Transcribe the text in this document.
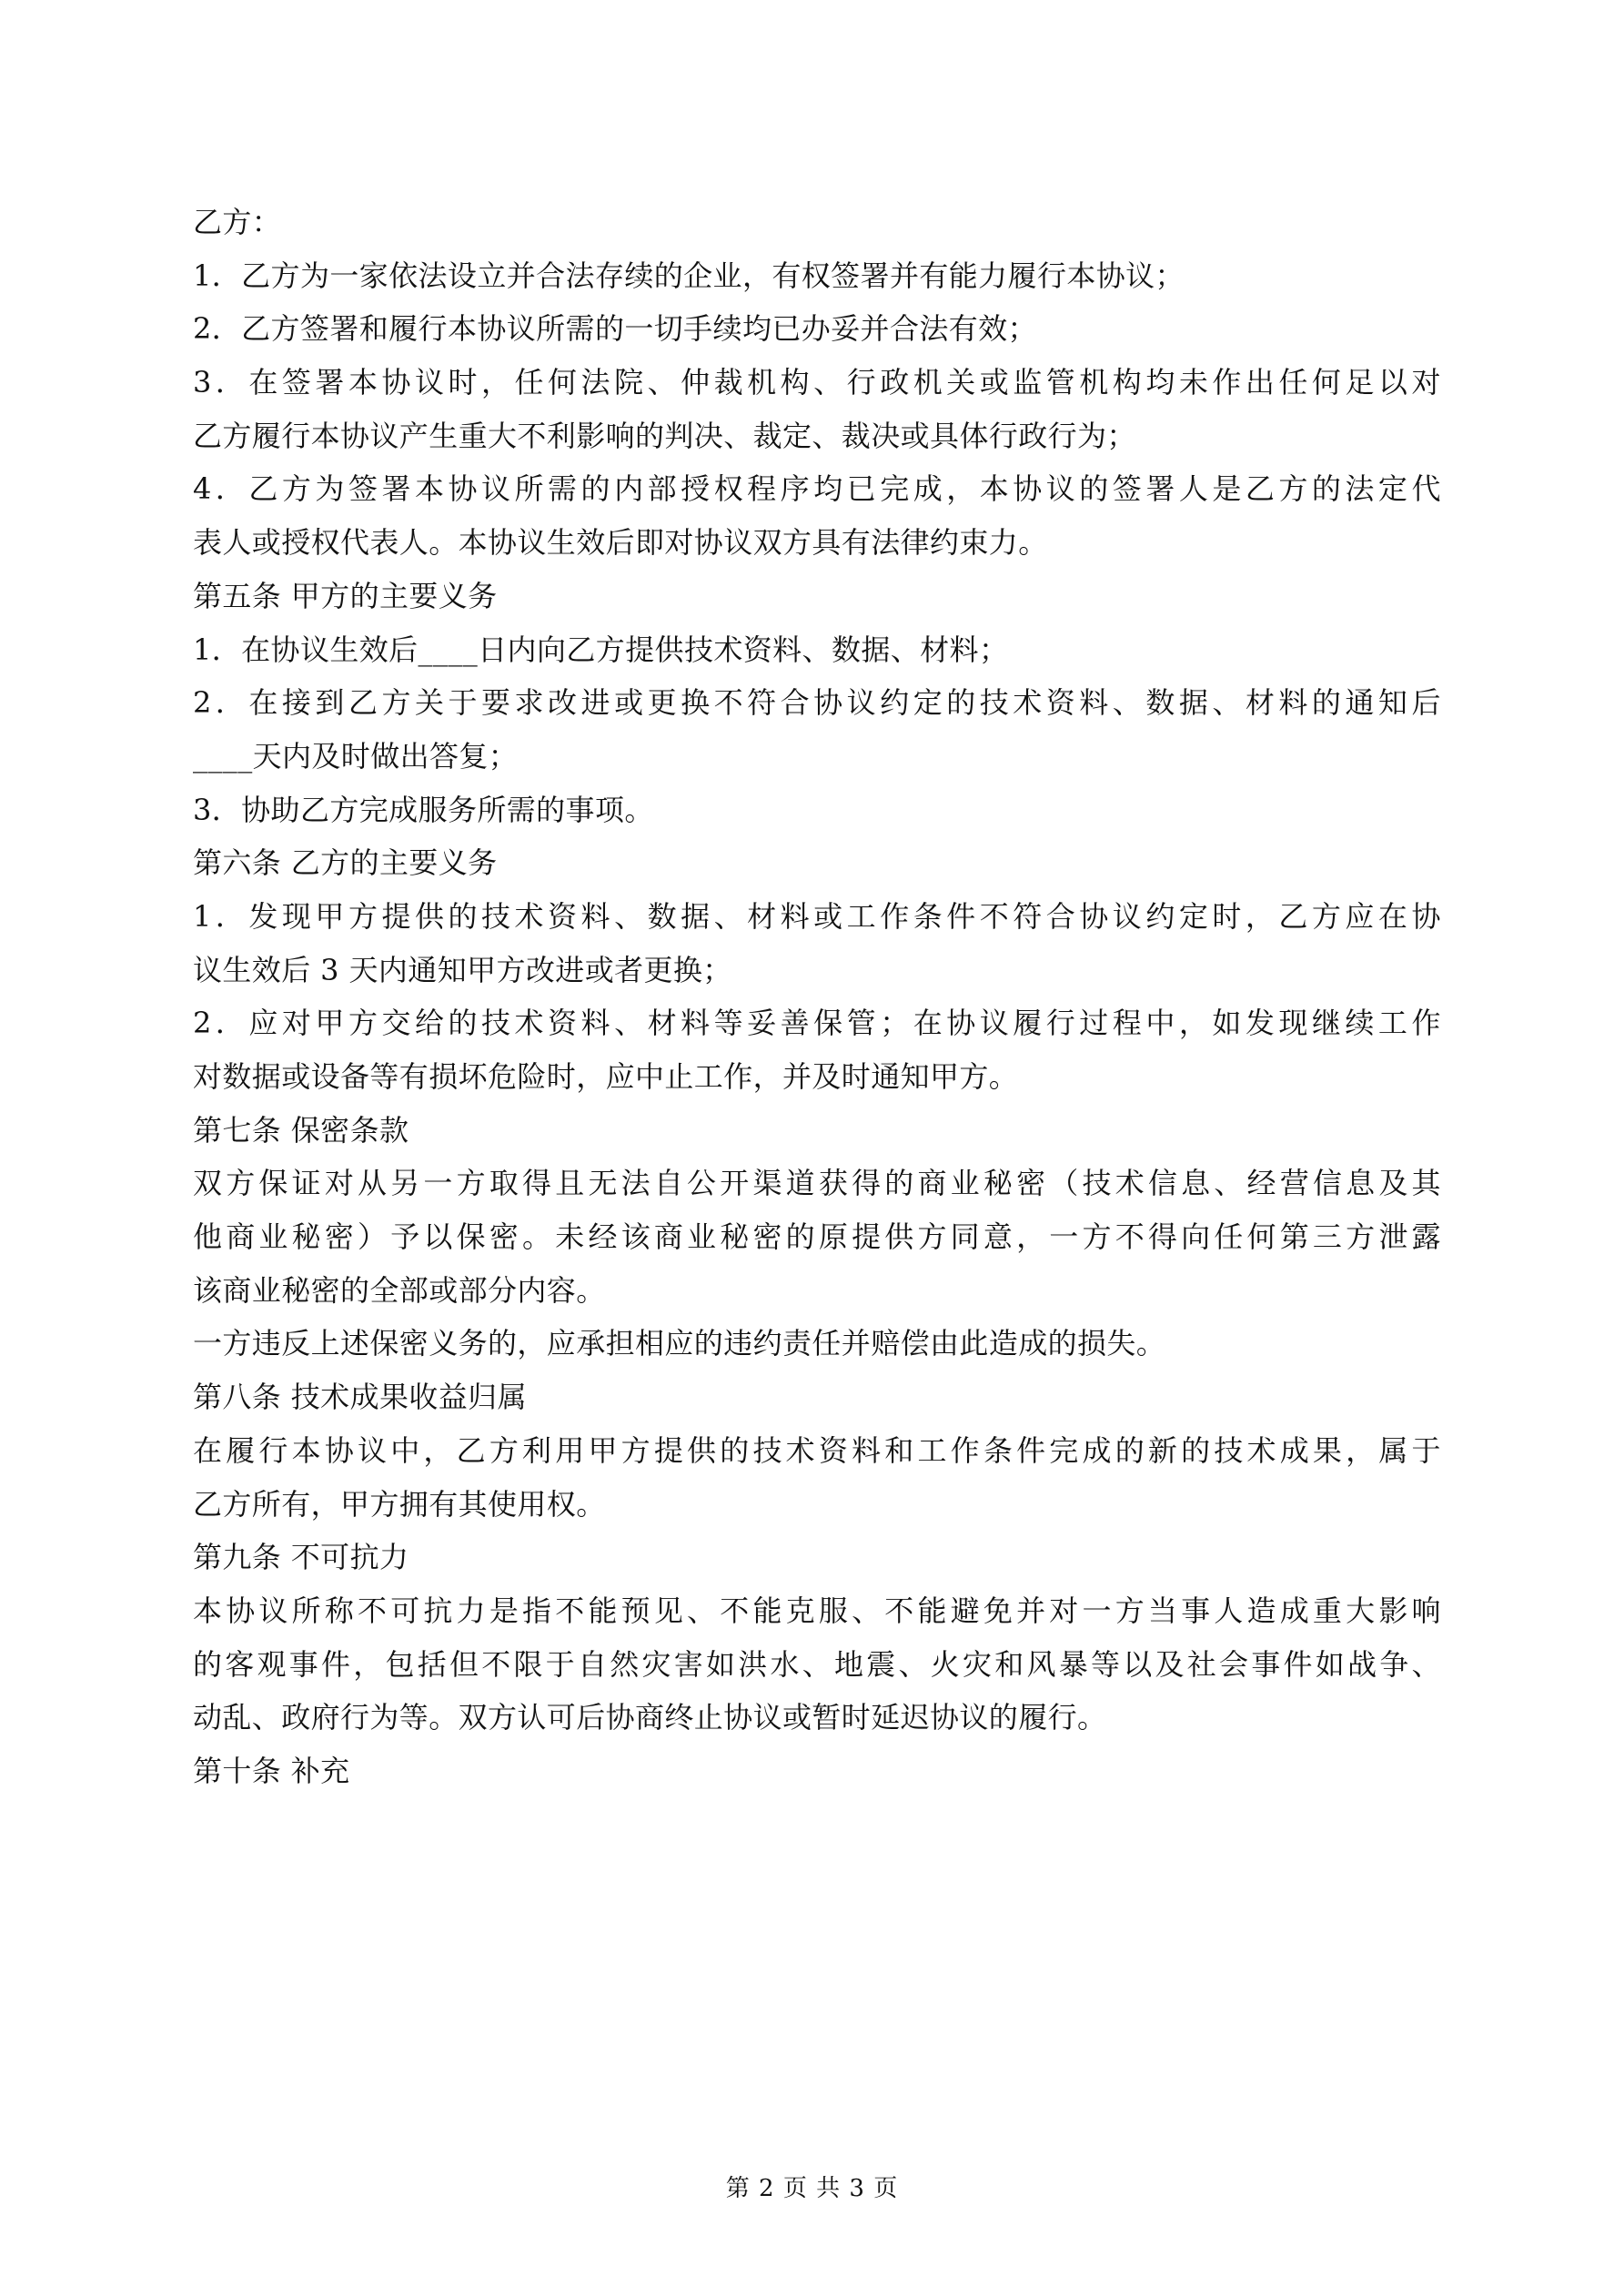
乙方：
1．乙方为一家依法设立并合法存续的企业，有权签署并有能力履行本协议；
2．乙方签署和履行本协议所需的一切手续均已办妥并合法有效；
3 ． 在 签 署 本 协 议 时 ， 任 何 法 院 、 仲 裁 机 构 、 行 政 机 关 或 监 管 机 构 均 未 作 出 任 何 足 以 对
乙方履行本协议产生重大不利影响的判决、裁定、裁决或具体行政行为；
4 ． 乙 方 为 签 署 本 协 议 所 需 的 内 部 授 权 程 序 均 已 完 成 ， 本 协 议 的 签 署 人 是 乙 方 的 法 定 代
表人或授权代表人。本协议生效后即对协议双方具有法律约束力。
第五条 甲方的主要义务
1．在协议生效后____日内向乙方提供技术资料、数据、材料；
2 ． 在 接 到 乙 方 关 于 要 求 改 进 或 更 换 不 符 合 协 议 约 定 的 技 术 资 料 、 数 据 、 材 料 的 通 知 后
____天内及时做出答复；
3．协助乙方完成服务所需的事项。
第六条 乙方的主要义务
1 ． 发 现 甲 方 提 供 的 技 术 资 料 、 数 据 、 材 料 或 工 作 条 件 不 符 合 协 议 约 定 时 ， 乙 方 应 在 协
议生效后 3 天内通知甲方改进或者更换；
2 ． 应 对 甲 方 交 给 的 技 术 资 料 、 材 料 等 妥 善 保 管 ； 在 协 议 履 行 过 程 中 ， 如 发 现 继 续 工 作
对数据或设备等有损坏危险时，应中止工作，并及时通知甲方。
第七条 保密条款
双 方 保 证 对 从 另 一 方 取 得 且 无 法 自 公 开 渠 道 获 得 的 商 业 秘 密 （ 技 术 信 息 、 经 营 信 息 及 其
他 商 业 秘 密 ） 予 以 保 密 。 未 经 该 商 业 秘 密 的 原 提 供 方 同 意 ， 一 方 不 得 向 任 何 第 三 方 泄 露
该商业秘密的全部或部分内容。
一方违反上述保密义务的，应承担相应的违约责任并赔偿由此造成的损失。
第八条 技术成果收益归属
在 履 行 本 协 议 中 ， 乙 方 利 用 甲 方 提 供 的 技 术 资 料 和 工 作 条 件 完 成 的 新 的 技 术 成 果 ， 属 于
乙方所有，甲方拥有其使用权。
第九条 不可抗力
本 协 议 所 称 不 可 抗 力 是 指 不 能 预 见 、 不 能 克 服 、 不 能 避 免 并 对 一 方 当 事 人 造 成 重 大 影 响
的 客 观 事 件 ， 包 括 但 不 限 于 自 然 灾 害 如 洪 水 、 地 震 、 火 灾 和 风 暴 等 以 及 社 会 事 件 如 战 争 、
动乱、政府行为等。双方认可后协商终止协议或暂时延迟协议的履行。
第十条 补充
第 2 页 共 3 页
